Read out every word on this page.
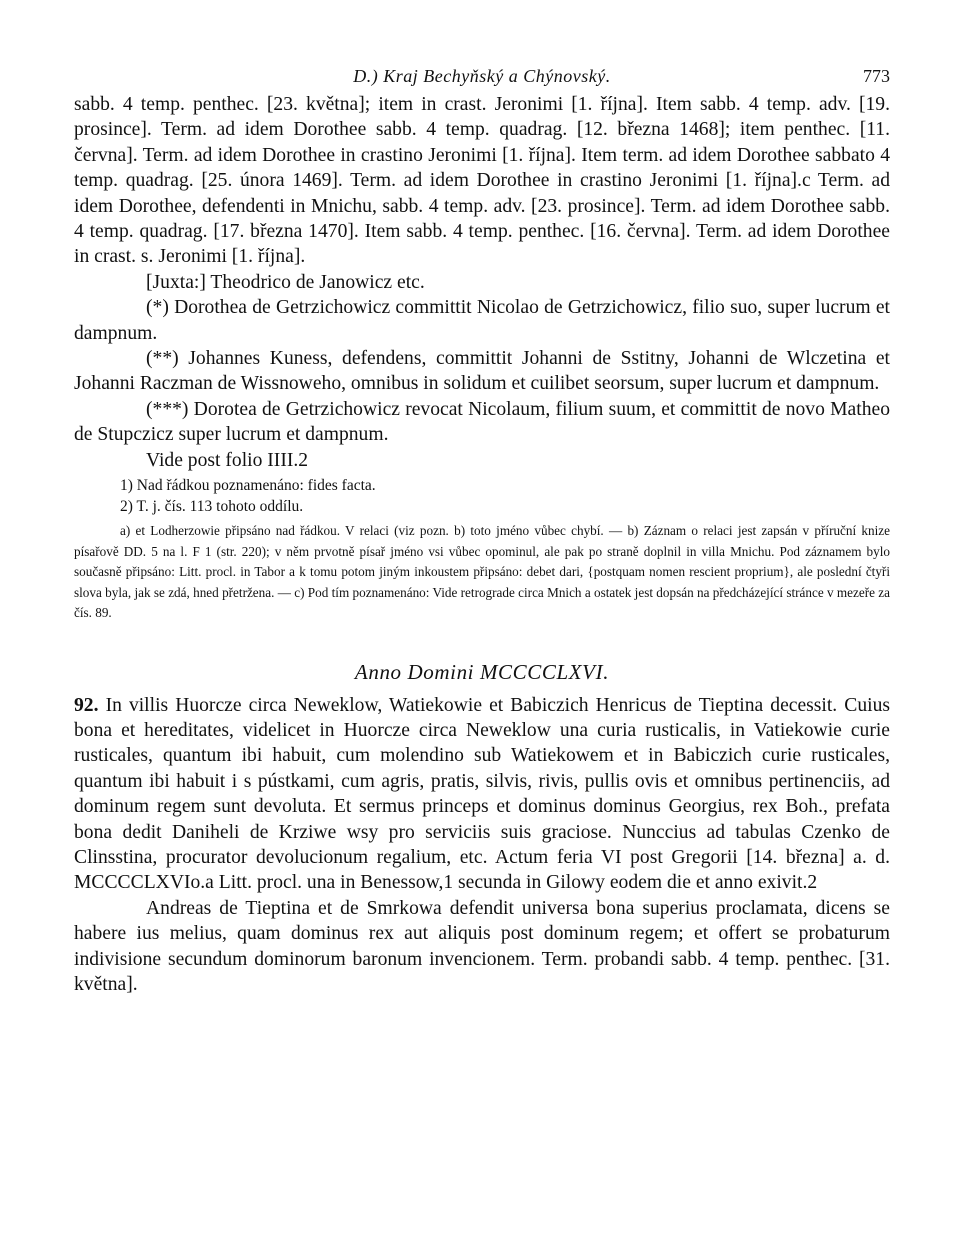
D.) Kraj Bechyňský a Chýnovský.	773

sabb. 4 temp. penthec. [23. května]; item in crast. Jeronimi [1. října]. Item sabb. 4 temp. adv. [19. prosince]. Term. ad idem Dorothee sabb. 4 temp. quadrag. [12. března 1468]; item penthec. [11. června]. Term. ad idem Dorothee in crastino Jeronimi [1. října]. Item term. ad idem Dorothee sabbato 4 temp. quadrag. [25. února 1469]. Term. ad idem Dorothee in crastino Jeronimi [1. října].c Term. ad idem Dorothee, defendenti in Mnichu, sabb. 4 temp. adv. [23. prosince]. Term. ad idem Dorothee sabb. 4 temp. quadrag. [17. března 1470]. Item sabb. 4 temp. penthec. [16. června]. Term. ad idem Dorothee in crast. s. Jeronimi [1. října].

[Juxta:] Theodrico de Janowicz etc.

(*) Dorothea de Getrzichowicz committit Nicolao de Getrzichowicz, filio suo, super lucrum et dampnum.

(**) Johannes Kuness, defendens, committit Johanni de Sstitny, Johanni de Wlczetina et Johanni Raczman de Wissnoweho, omnibus in solidum et cuilibet seorsum, super lucrum et dampnum.

(***) Dorotea de Getrzichowicz revocat Nicolaum, filium suum, et committit de novo Matheo de Stupczicz super lucrum et dampnum.

Vide post folio IIII.2

1) Nad řádkou poznamenáno: fides facta.

2) T. j. čís. 113 tohoto oddílu.

a) et Lodherzowie připsáno nad řádkou. V relaci (viz pozn. b) toto jméno vůbec chybí. — b) Záznam o relaci jest zapsán v příruční knize písařově DD. 5 na l. F 1 (str. 220); v něm prvotně písař jméno vsi vůbec opominul, ale pak po straně doplnil in villa Mnichu. Pod záznamem bylo současně připsáno: Litt. procl. in Tabor a k tomu potom jiným inkoustem připsáno: debet dari, {postquam nomen rescient proprium}, ale poslední čtyři slova byla, jak se zdá, hned přetržena. — c) Pod tím poznamenáno: Vide retrograde circa Mnich a ostatek jest dopsán na předcházející stránce v mezeře za čís. 89.

Anno Domini MCCCCLXVI.

92. In villis Huorcze circa Neweklow, Watiekowie et Babiczich Henricus de Tieptina decessit. Cuius bona et hereditates, videlicet in Huorcze circa Neweklow una curia rusticalis, in Vatiekowie curie rusticales, quantum ibi habuit, cum molendino sub Watiekowem et in Babiczich curie rusticales, quantum ibi habuit i s pústkami, cum agris, pratis, silvis, rivis, pullis ovis et omnibus pertinenciis, ad dominum regem sunt devoluta. Et sermus princeps et dominus dominus Georgius, rex Boh., prefata bona dedit Daniheli de Krziwe wsy pro serviciis suis graciose. Nunccius ad tabulas Czenko de Clinsstina, procurator devolucionum regalium, etc. Actum feria VI post Gregorii [14. března] a. d. MCCCCLXVIo.a Litt. procl. una in Benessow,1 secunda in Gilowy eodem die et anno exivit.2

Andreas de Tieptina et de Smrkowa defendit universa bona superius proclamata, dicens se habere ius melius, quam dominus rex aut aliquis post dominum regem; et offert se probaturum indivisione secundum dominorum baronum invencionem. Term. probandi sabb. 4 temp. penthec. [31. května].
